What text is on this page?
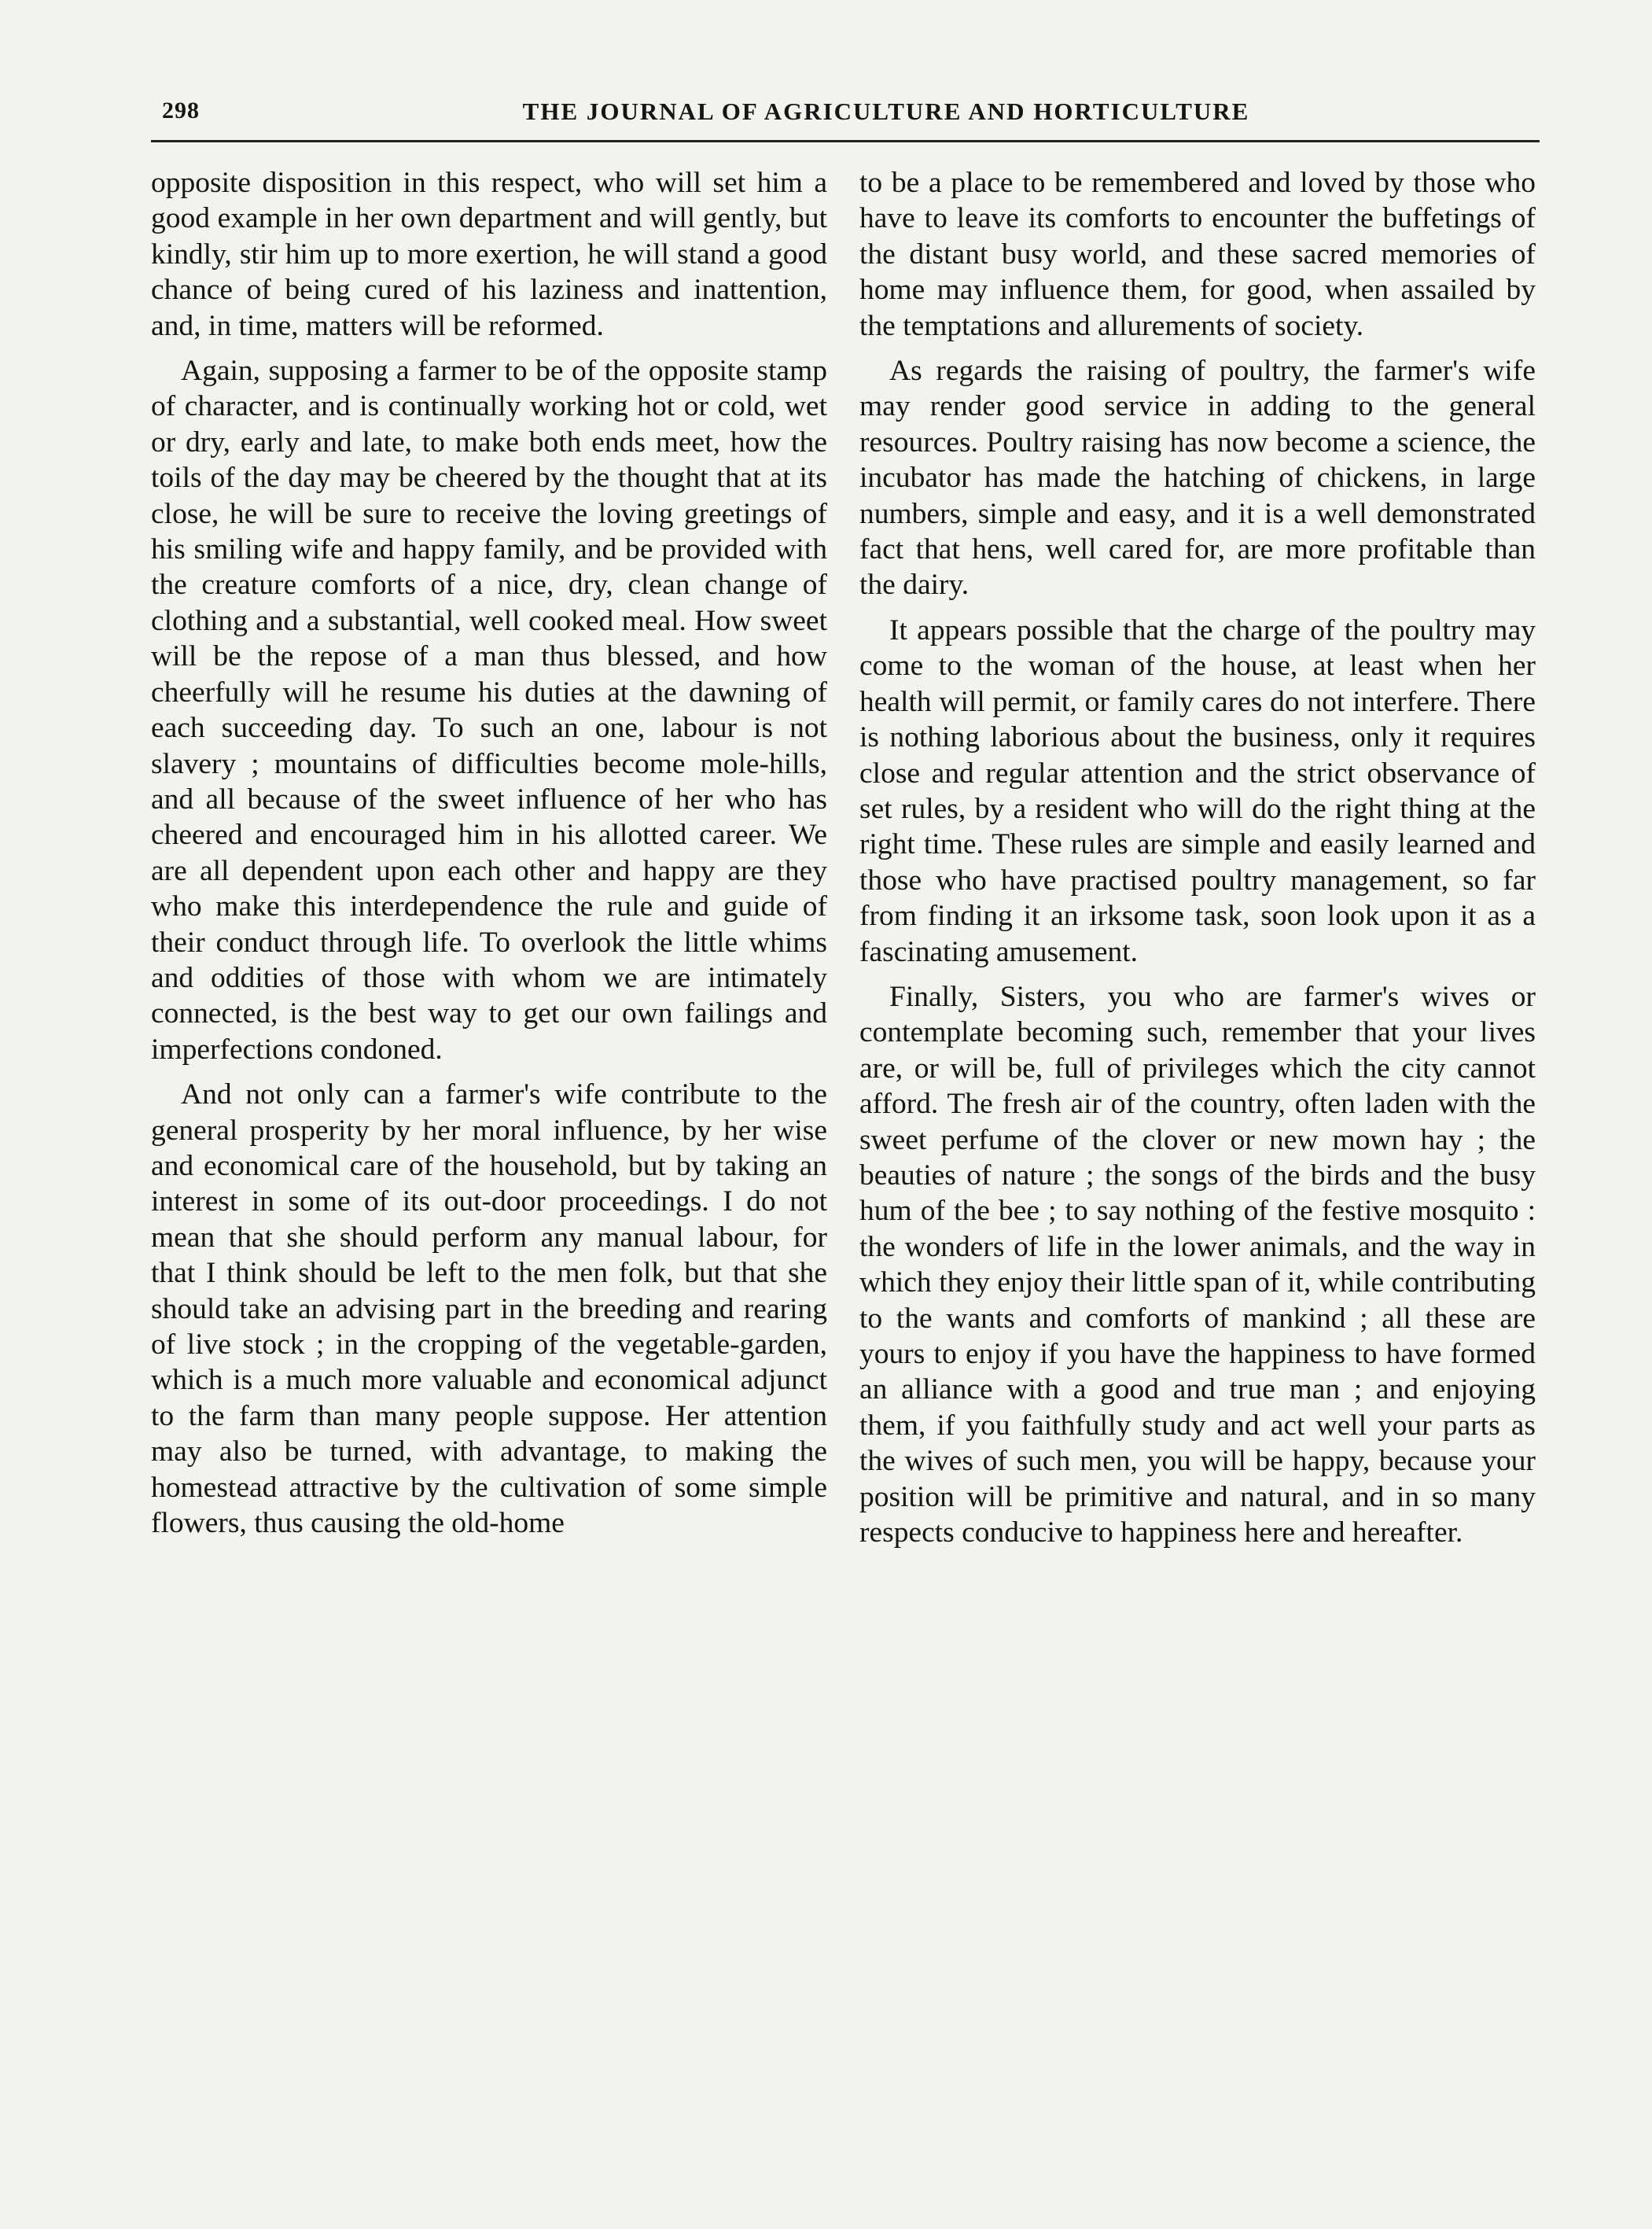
298	THE JOURNAL OF AGRICULTURE AND HORTICULTURE

opposite disposition in this respect, who will set him a good example in her own department and will gently, but kindly, stir him up to more exertion, he will stand a good chance of being cured of his laziness and inattention, and, in time, matters will be reformed.

Again, supposing a farmer to be of the opposite stamp of character, and is continually working hot or cold, wet or dry, early and late, to make both ends meet, how the toils of the day may be cheered by the thought that at its close, he will be sure to receive the loving greetings of his smiling wife and happy family, and be provided with the creature comforts of a nice, dry, clean change of clothing and a substantial, well cooked meal. How sweet will be the repose of a man thus blessed, and how cheerfully will he resume his duties at the dawning of each succeeding day. To such an one, labour is not slavery ; mountains of difficulties become mole-hills, and all because of the sweet influence of her who has cheered and encouraged him in his allotted career. We are all dependent upon each other and happy are they who make this interdependence the rule and guide of their conduct through life. To overlook the little whims and oddities of those with whom we are intimately connected, is the best way to get our own failings and imperfections condoned.

And not only can a farmer's wife contribute to the general prosperity by her moral influence, by her wise and economical care of the household, but by taking an interest in some of its out-door proceedings. I do not mean that she should perform any manual labour, for that I think should be left to the men folk, but that she should take an advising part in the breeding and rearing of live stock ; in the cropping of the vegetable-garden, which is a much more valuable and economical adjunct to the farm than many people suppose. Her attention may also be turned, with advantage, to making the homestead attractive by the cultivation of some simple flowers, thus causing the old-home

to be a place to be remembered and loved by those who have to leave its comforts to encounter the buffetings of the distant busy world, and these sacred memories of home may influence them, for good, when assailed by the temptations and allurements of society.

As regards the raising of poultry, the farmer's wife may render good service in adding to the general resources. Poultry raising has now become a science, the incubator has made the hatching of chickens, in large numbers, simple and easy, and it is a well demonstrated fact that hens, well cared for, are more profitable than the dairy.

It appears possible that the charge of the poultry may come to the woman of the house, at least when her health will permit, or family cares do not interfere. There is nothing laborious about the business, only it requires close and regular attention and the strict observance of set rules, by a resident who will do the right thing at the right time. These rules are simple and easily learned and those who have practised poultry management, so far from finding it an irksome task, soon look upon it as a fascinating amusement.

Finally, Sisters, you who are farmer's wives or contemplate becoming such, remember that your lives are, or will be, full of privileges which the city cannot afford. The fresh air of the country, often laden with the sweet perfume of the clover or new mown hay ; the beauties of nature ; the songs of the birds and the busy hum of the bee ; to say nothing of the festive mosquito : the wonders of life in the lower animals, and the way in which they enjoy their little span of it, while contributing to the wants and comforts of mankind ; all these are yours to enjoy if you have the happiness to have formed an alliance with a good and true man ; and enjoying them, if you faithfully study and act well your parts as the wives of such men, you will be happy, because your position will be primitive and natural, and in so many respects conducive to happiness here and hereafter.
